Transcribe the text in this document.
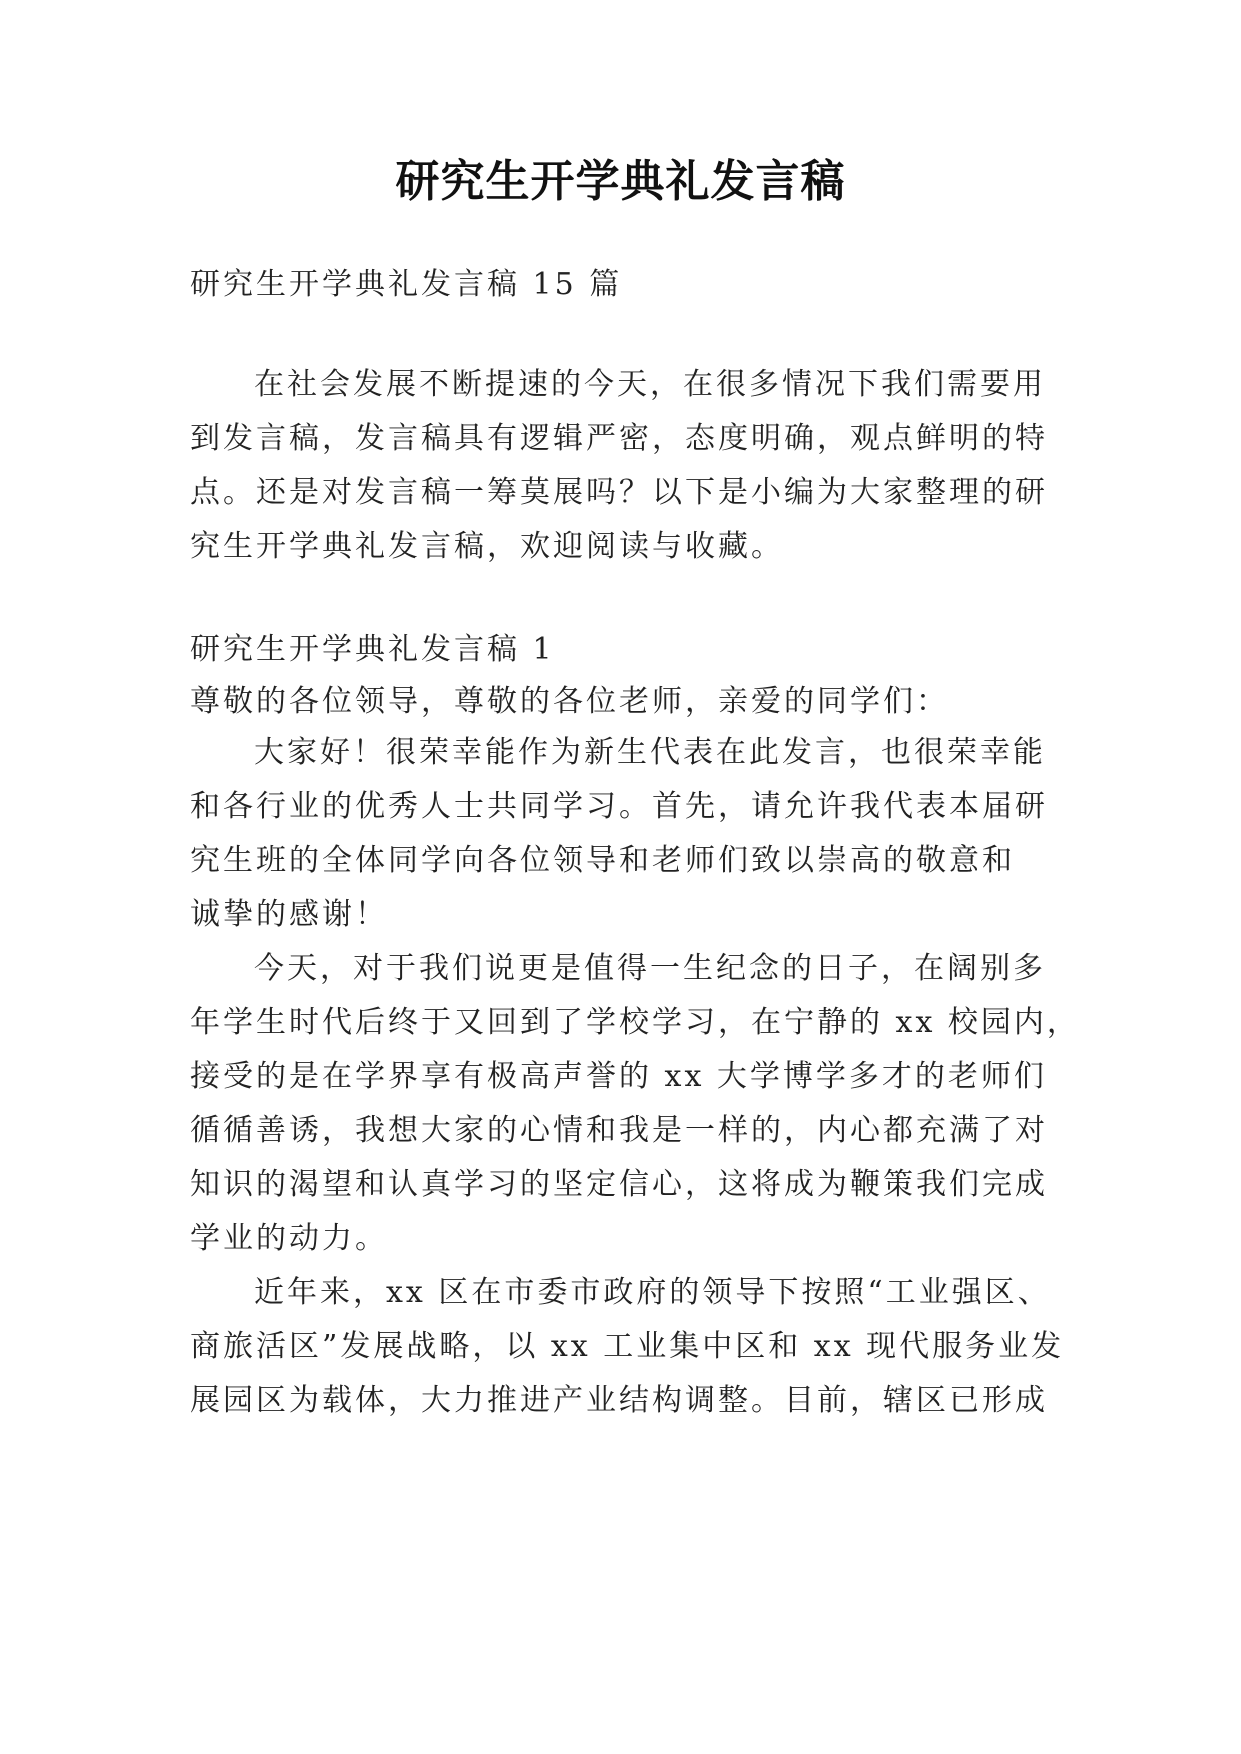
研究生开学典礼发言稿
研究生开学典礼发言稿 15 篇
在社会发展不断提速的今天，在很多情况下我们需要用
到发言稿，发言稿具有逻辑严密，态度明确，观点鲜明的特
点。还是对发言稿一筹莫展吗？以下是小编为大家整理的研
究生开学典礼发言稿，欢迎阅读与收藏。
研究生开学典礼发言稿 1
尊敬的各位领导，尊敬的各位老师，亲爱的同学们：
大家好！很荣幸能作为新生代表在此发言，也很荣幸能
和各行业的优秀人士共同学习。首先，请允许我代表本届研
究生班的全体同学向各位领导和老师们致以崇高的敬意和
诚挚的感谢！
今天，对于我们说更是值得一生纪念的日子，在阔别多
年学生时代后终于又回到了学校学习，在宁静的 xx 校园内，
接受的是在学界享有极高声誉的 xx 大学博学多才的老师们
循循善诱，我想大家的心情和我是一样的，内心都充满了对
知识的渴望和认真学习的坚定信心，这将成为鞭策我们完成
学业的动力。
近年来，xx 区在市委市政府的领导下按照“工业强区、
商旅活区”发展战略，以 xx 工业集中区和 xx 现代服务业发
展园区为载体，大力推进产业结构调整。目前，辖区已形成
